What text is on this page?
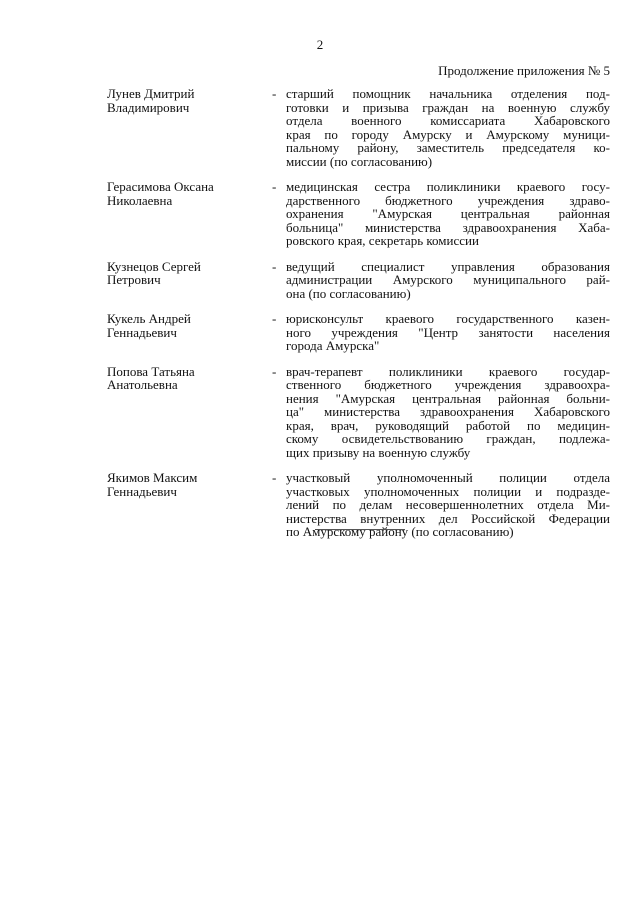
2
Продолжение приложения № 5
Лунев Дмитрий
Владимирович
- старший помощник начальника отделения под-
готовки и призыва граждан на военную службу
отдела военного комиссариата Хабаровского
края по городу Амурску и Амурскому муници-
пальному району, заместитель председателя ко-
миссии (по согласованию)
Герасимова Оксана
Николаевна
- медицинская сестра поликлиники краевого госу-
дарственного бюджетного учреждения здраво-
охранения "Амурская центральная районная
больница" министерства здравоохранения Хаба-
ровского края, секретарь комиссии
Кузнецов Сергей
Петрович
- ведущий специалист управления образования
администрации Амурского муниципального рай-
она (по согласованию)
Кукель Андрей
Геннадьевич
- юрисконсульт краевого государственного казен-
ного учреждения "Центр занятости населения
города Амурска"
Попова Татьяна
Анатольевна
- врач-терапевт поликлиники краевого государ-
ственного бюджетного учреждения здравоохра-
нения "Амурская центральная районная больни-
ца" министерства здравоохранения Хабаровского
края, врач, руководящий работой по медицин-
скому освидетельствованию граждан, подлежа-
щих призыву на военную службу
Якимов Максим
Геннадьевич
- участковый уполномоченный полиции отдела
участковых уполномоченных полиции и подразде-
лений по делам несовершеннолетних отдела Ми-
нистерства внутренних дел Российской Федерации
по Амурскому району (по согласованию)
